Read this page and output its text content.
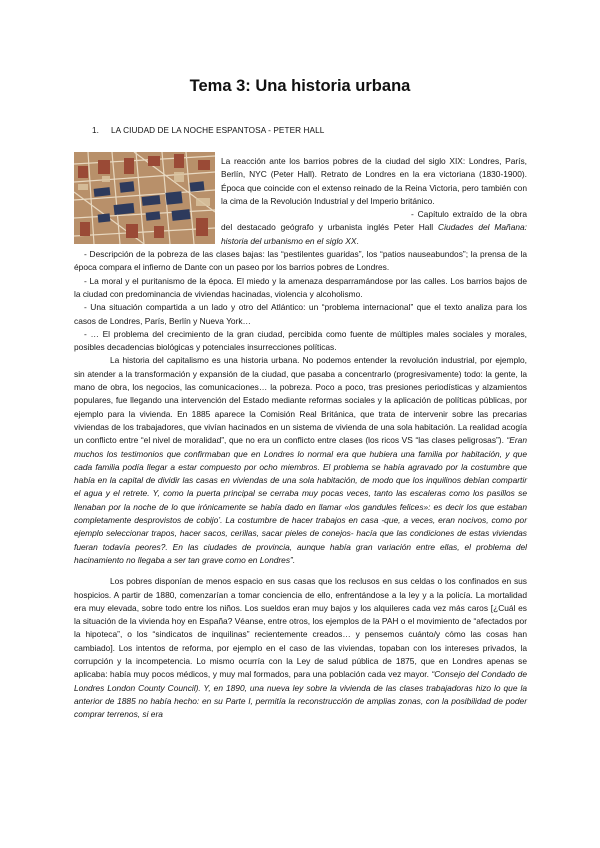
Tema 3: Una historia urbana
1. LA CIUDAD DE LA NOCHE ESPANTOSA - PETER HALL

La reacción ante los barrios pobres de la ciudad del siglo XIX: Londres, París, Berlín, NYC (Peter Hall). Retrato de Londres en la era victoriana (1830-1900). Época que coincide con el extenso reinado de la Reina Victoria, pero también con la cima de la Revolución Industrial y del Imperio británico.

- Capítulo extraído de la obra del destacado geógrafo y urbanista inglés Peter Hall Ciudades del Mañana: historia del urbanismo en el siglo XX.

- Descripción de la pobreza de las clases bajas: las “pestilentes guaridas”, los “patios nauseabundos”; la prensa de la época compara el infierno de Dante con un paseo por los barrios pobres de Londres.

- La moral y el puritanismo de la época. El miedo y la amenaza desparramándose por las calles. Los barrios bajos de la ciudad con predominancia de viviendas hacinadas, violencia y alcoholismo.

- Una situación compartida a un lado y otro del Atlántico: un “problema internacional” que el texto analiza para los casos de Londres, París, Berlín y Nueva York…

- … El problema del crecimiento de la gran ciudad, percibida como fuente de múltiples males sociales y morales, posibles decadencias biológicas y potenciales insurrecciones políticas.

La historia del capitalismo es una historia urbana. No podemos entender la revolución industrial, por ejemplo, sin atender a la transformación y expansión de la ciudad, que pasaba a concentrarlo (progresivamente) todo: la gente, la mano de obra, los negocios, las comunicaciones… la pobreza. Poco a poco, tras presiones periodísticas y alzamientos populares, fue llegando una intervención del Estado mediante reformas sociales y la aplicación de políticas públicas, por ejemplo para la vivienda. En 1885 aparece la Comisión Real Británica, que trata de intervenir sobre las precarias viviendas de los trabajadores, que vivían hacinados en un sistema de vivienda de una sola habitación. La realidad acogía un conflicto entre “el nivel de moralidad”, que no era un conflicto entre clases (los ricos VS “las clases peligrosas”). “Eran muchos los testimonios que confirmaban que en Londres lo normal era que hubiera una familia por habitación, y que cada familia podía llegar a estar compuesto por ocho miembros. El problema se había agravado por la costumbre que había en la capital de dividir las casas en viviendas de una sola habitación, de modo que los inquilinos debían compartir el agua y el retrete. Y, como la puerta principal se cerraba muy pocas veces, tanto las escaleras como los pasillos se llenaban por la noche de lo que irónicamente se había dado en llamar «los gandules felices»: es decir los que estaban completamente desprovistos de cobijo’. La costumbre de hacer trabajos en casa -que, a veces, eran nocivos, como por ejemplo seleccionar trapos, hacer sacos, cerillas, sacar pieles de conejos- hacía que las condiciones de estas viviendas fueran todavía peores?. En las ciudades de provincia, aunque había gran variación entre ellas, el problema del hacinamiento no llegaba a ser tan grave como en Londres”.

Los pobres disponían de menos espacio en sus casas que los reclusos en sus celdas o los confinados en sus hospicios. A partir de 1880, comenzarían a tomar conciencia de ello, enfrentándose a la ley y a la policía. La mortalidad era muy elevada, sobre todo entre los niños. Los sueldos eran muy bajos y los alquileres cada vez más caros [¿Cuál es la situación de la vivienda hoy en España? Véanse, entre otros, los ejemplos de la PAH o el movimiento de “afectados por la hipoteca”, o los “sindicatos de inquilinas” recientemente creados… y pensemos cuánto/y cómo las cosas han cambiado]. Los intentos de reforma, por ejemplo en el caso de las viviendas, topaban con los intereses privados, la corrupción y la incompetencia. Lo mismo ocurría con la Ley de salud pública de 1875, que en Londres apenas se aplicaba: había muy pocos médicos, y muy mal formados, para una población cada vez mayor. “Consejo del Condado de Londres London County Council). Y, en 1890, una nueva ley sobre la vivienda de las clases trabajadoras hizo lo que la anterior de 1885 no había hecho: en su Parte I, permitía la reconstrucción de amplias zonas, con la posibilidad de poder comprar terrenos, si era
